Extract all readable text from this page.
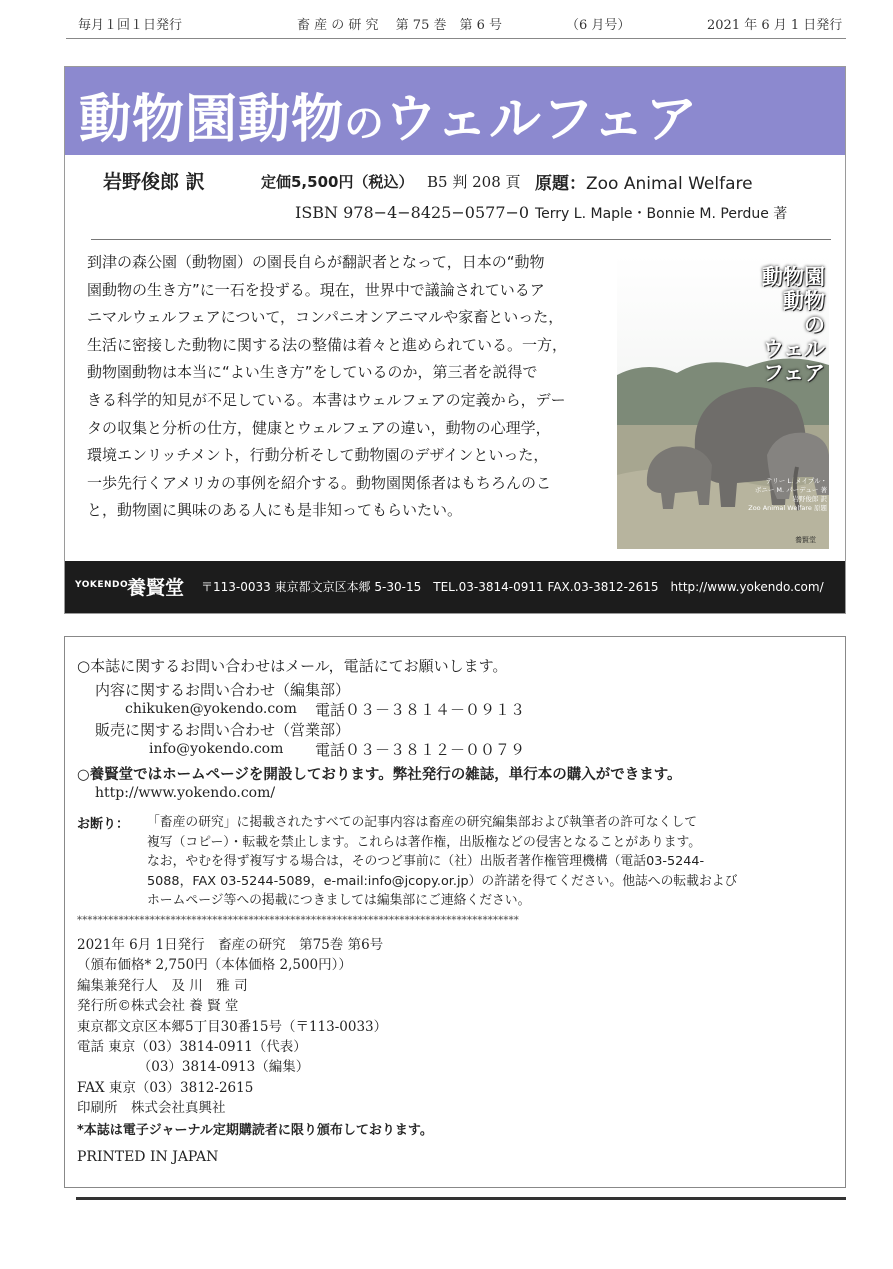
毎月１回１日発行	畜 産 の 研 究　 第 75 巻　第 6 号	（6 月号）	2021 年 6 月 1 日発行
動物園動物のウェルフェア
岩野俊郎 訳	定価5,500円（税込） B5 判 208 頁
ISBN 978−4−8425−0577−0
原題：Zoo Animal Welfare
Terry L. Maple・Bonnie M. Perdue 著

到津の森公園（動物園）の園長自らが翻訳者となって，日本の“動物

園動物の生き方”に一石を投ずる。現在，世界中で議論されているア

ニマルウェルフェアについて，コンパニオンアニマルや家畜といった，

生活に密接した動物に関する法の整備は着々と進められている。一方，

動物園動物は本当に“よい生き方”をしているのか，第三者を説得で

きる科学的知見が不足している。本書はウェルフェアの定義から，デー

タの収集と分析の仕方，健康とウェルフェアの違い，動物の心理学，

環境エンリッチメント，行動分析そして動物園のデザインといった，

一歩先行くアメリカの事例を紹介する。動物園関係者はもちろんのこ

と，動物園に興味のある人にも是非知ってもらいたい。

動物園
動物
の
ウェル
フェア
テリー L. メイプル・
ボニー M. パーデュー 著
岩野俊郎 訳
Zoo Animal Welfare 原題
養賢堂
YOKENDO
養賢堂 〒113-0033 東京都文京区本郷 5-30-15　TEL.03-3814-0911 FAX.03-3812-2615　http://www.yokendo.com/
○本誌に関するお問い合わせはメール，電話にてお願いします。
内容に関するお問い合わせ（編集部）
chikuken@yokendo.com 電話０３－３８１４－０９１３
販売に関するお問い合わせ（営業部）
info@yokendo.com 電話０３－３８１２－００７９
○養賢堂ではホームページを開設しております。弊社発行の雑誌，単行本の購入ができます。
http://www.yokendo.com/
お断り： 「畜産の研究」に掲載されたすべての記事内容は畜産の研究編集部および執筆者の許可なくして
複写（コピー）・転載を禁止します。これらは著作権，出版権などの侵害となることがあります。
なお，やむを得ず複写する場合は，そのつど事前に（社）出版者著作権管理機構（電話03-5244-
5088，FAX 03-5244-5089，e-mail:info@jcopy.or.jp）の許諾を得てください。他誌への転載および
ホームページ等への掲載につきましては編集部にご連絡ください。
*************************************************************************************
2021年 6月 1日発行　畜産の研究　第75巻 第6号
（頒布価格* 2,750円（本体価格 2,500円））
編集兼発行人　及 川　雅 司
発行所©株式会社 養 賢 堂
東京都文京区本郷5丁目30番15号（〒113-0033）
電話 東京（03）3814-0911（代表）
　　　　　（03）3814-0913（編集）
FAX 東京（03）3812-2615
印刷所　株式会社真興社
*本誌は電子ジャーナル定期購読者に限り頒布しております。
PRINTED IN JAPAN
